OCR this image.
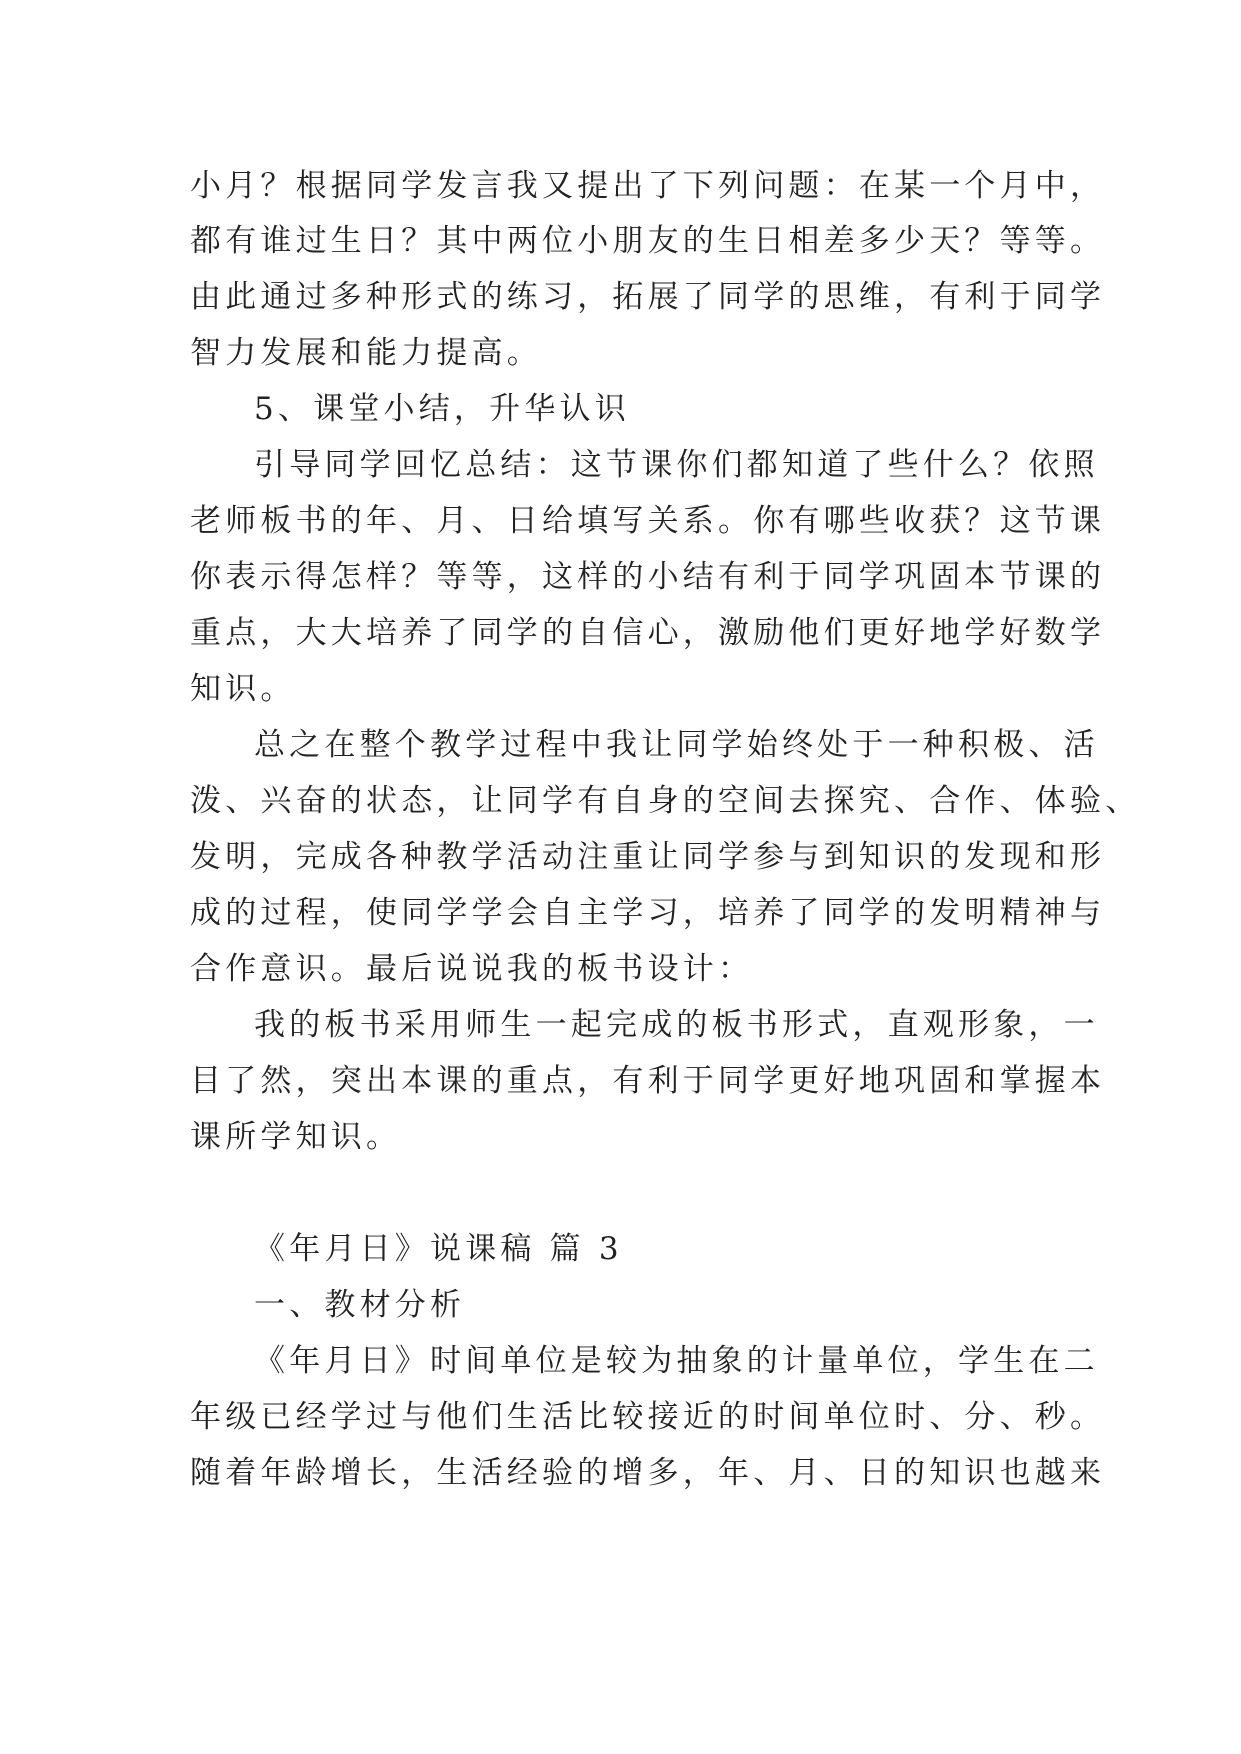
小月？根据同学发言我又提出了下列问题：在某一个月中，
都有谁过生日？其中两位小朋友的生日相差多少天？等等。
由此通过多种形式的练习，拓展了同学的思维，有利于同学
智力发展和能力提高。
5、课堂小结，升华认识
引导同学回忆总结：这节课你们都知道了些什么？依照
老师板书的年、月、日给填写关系。你有哪些收获？这节课
你表示得怎样？等等，这样的小结有利于同学巩固本节课的
重点，大大培养了同学的自信心，激励他们更好地学好数学
知识。
总之在整个教学过程中我让同学始终处于一种积极、活
泼、兴奋的状态，让同学有自身的空间去探究、合作、体验、
发明，完成各种教学活动注重让同学参与到知识的发现和形
成的过程，使同学学会自主学习，培养了同学的发明精神与
合作意识。最后说说我的板书设计：
我的板书采用师生一起完成的板书形式，直观形象，一
目了然，突出本课的重点，有利于同学更好地巩固和掌握本
课所学知识。
《年月日》说课稿 篇 3
一、教材分析
《年月日》时间单位是较为抽象的计量单位，学生在二
年级已经学过与他们生活比较接近的时间单位时、分、秒。
随着年龄增长，生活经验的增多，年、月、日的知识也越来
